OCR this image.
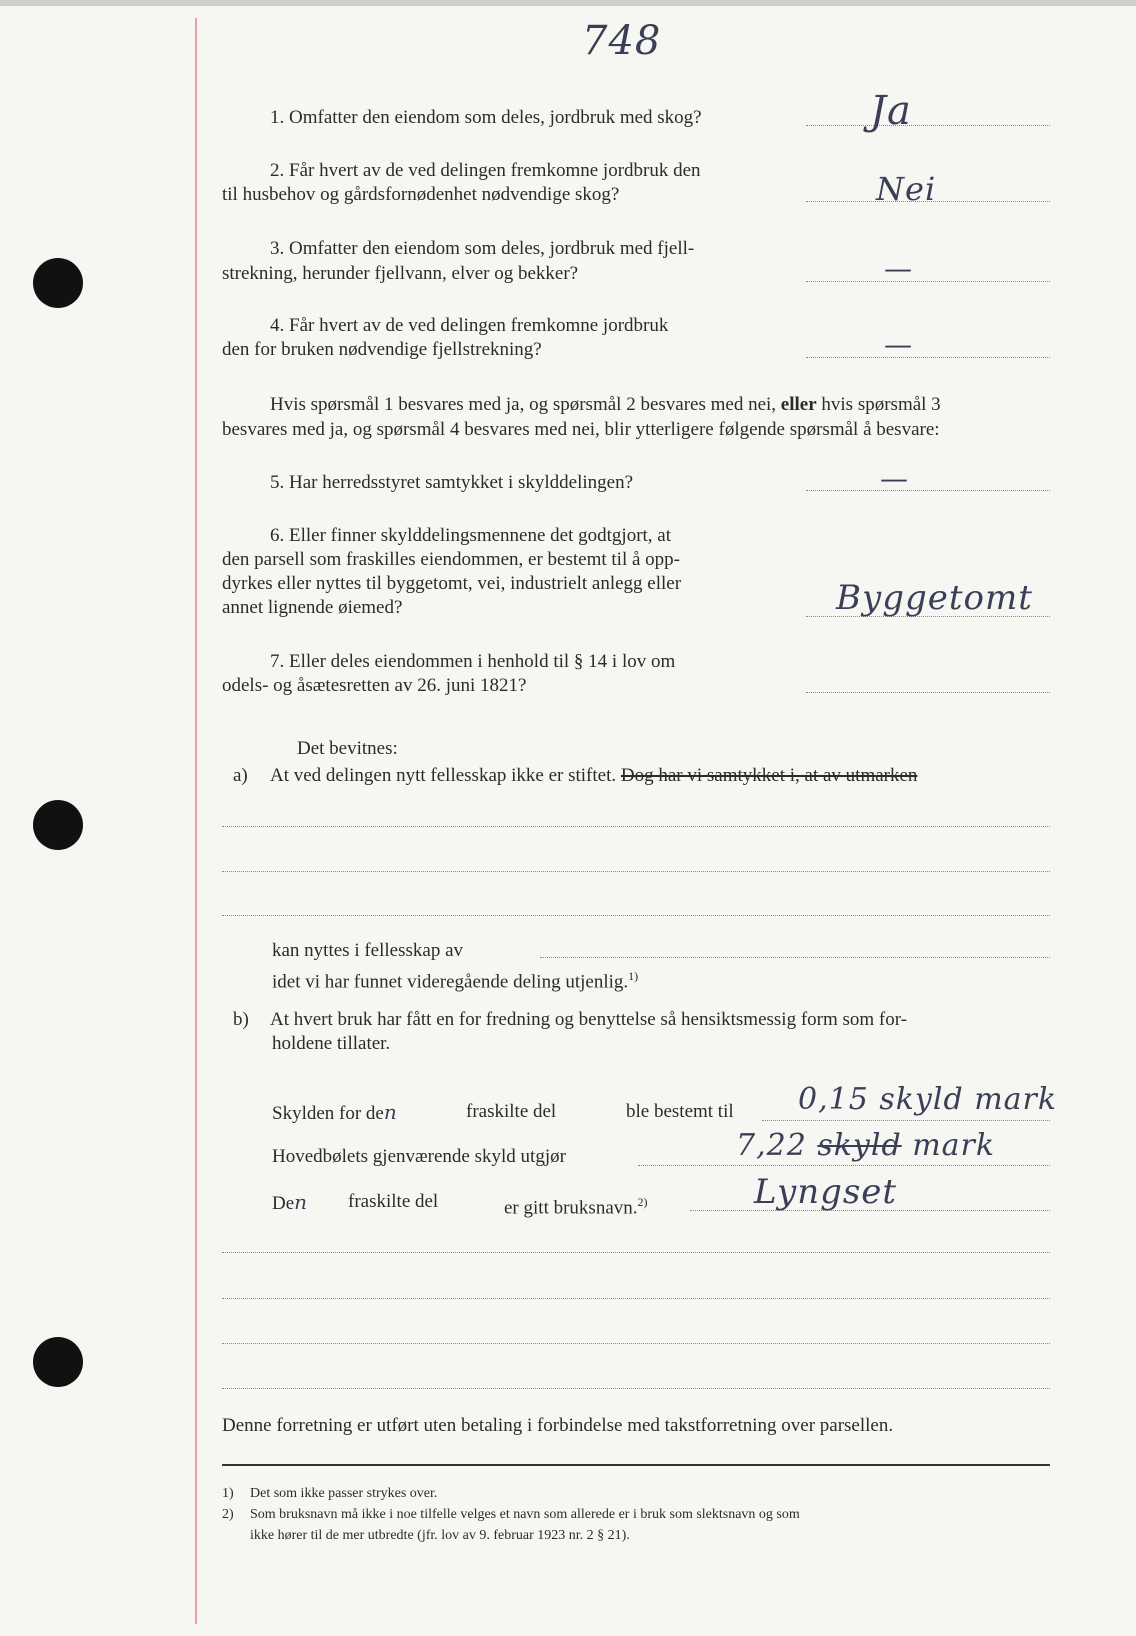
748
1. Omfatter den eiendom som deles, jordbruk med skog?	Ja
2. Får hvert av de ved delingen fremkomne jordbruk den
til husbehov og gårdsfornødenhet nødvendige skog?	Nei
3. Omfatter den eiendom som deles, jordbruk med fjell-
strekning, herunder fjellvann, elver og bekker?	—
4. Får hvert av de ved delingen fremkomne jordbruk
den for bruken nødvendige fjellstrekning?	—
Hvis spørsmål 1 besvares med ja, og spørsmål 2 besvares med nei, eller hvis spørsmål 3
besvares med ja, og spørsmål 4 besvares med nei, blir ytterligere følgende spørsmål å besvare:
5. Har herredsstyret samtykket i skylddelingen?	—
6. Eller finner skylddelingsmennene det godtgjort, at
den parsell som fraskilles eiendommen, er bestemt til å opp-
dyrkes eller nyttes til byggetomt, vei, industrielt anlegg eller
annet lignende øiemed?	Byggetomt
7. Eller deles eiendommen i henhold til § 14 i lov om
odels- og åsætesretten av 26. juni 1821?
Det bevitnes:
a) At ved delingen nytt fellesskap ikke er stiftet. Dog har vi samtykket i, at av utmarken
kan nyttes i fellesskap av
idet vi har funnet videregående deling utjenlig.$^{1)}$
b) At hvert bruk har fått en for fredning og benyttelse så hensiktsmessig form som for-
holdene tillater.
Skylden for den	fraskilte del	ble bestemt til 0,15 skyld mark
Hovedbølets gjenværende skyld utgjør	7,22 skyld mark
Den fraskilte del	er gitt bruksnavn.$^{2)}$	Lyngset
Denne forretning er utført uten betaling i forbindelse med takstforretning over parsellen.
1) Det som ikke passer strykes over.
2) Som bruksnavn må ikke i noe tilfelle velges et navn som allerede er i bruk som slektsnavn og som
ikke hører til de mer utbredte (jfr. lov av 9. februar 1923 nr. 2 § 21).
